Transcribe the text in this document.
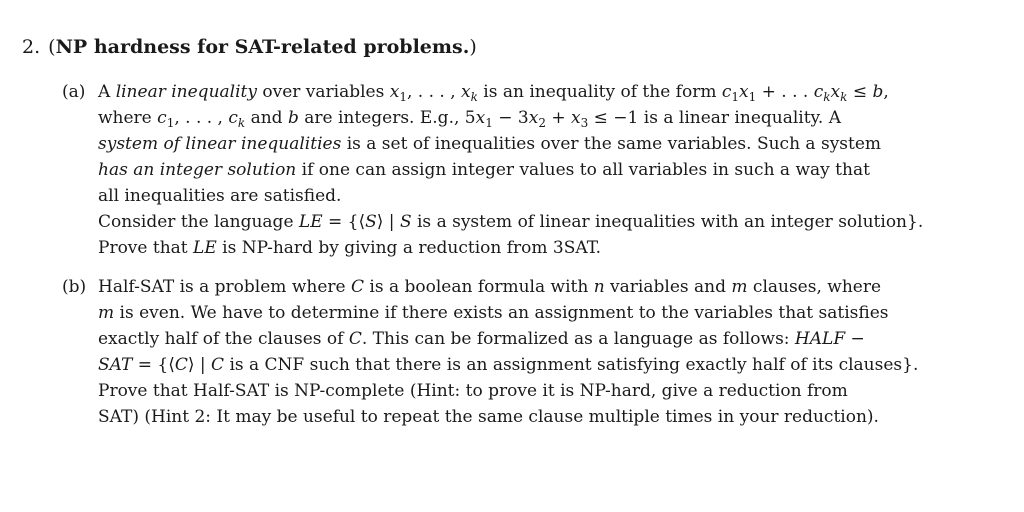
2. (NP hardness for SAT-related problems.)
(a) A linear inequality over variables $x_1$, . . . , $x_k$ is an inequality of the form $c_1x_1$ + . . . $c_kx_k \le b$,
where $c_1$, . . . , $c_k$ and b are integers. E.g., $5x_1 - 3x_2 + x_3 \le -1$ is a linear inequality. A
system of linear inequalities is a set of inequalities over the same variables. Such a system
has an integer solution if one can assign integer values to all variables in such a way that
all inequalities are satisfied.
Consider the language LE = {⟨S⟩ | S is a system of linear inequalities with an integer solution}.
Prove that LE is NP-hard by giving a reduction from 3SAT.
(b) Half-SAT is a problem where C is a boolean formula with n variables and m clauses, where
m is even. We have to determine if there exists an assignment to the variables that satisfies
exactly half of the clauses of C. This can be formalized as a language as follows: HALF −
SAT = {⟨C⟩ | C is a CNF such that there is an assignment satisfying exactly half of its clauses}.
Prove that Half-SAT is NP-complete (Hint: to prove it is NP-hard, give a reduction from
SAT) (Hint 2: It may be useful to repeat the same clause multiple times in your reduction).
